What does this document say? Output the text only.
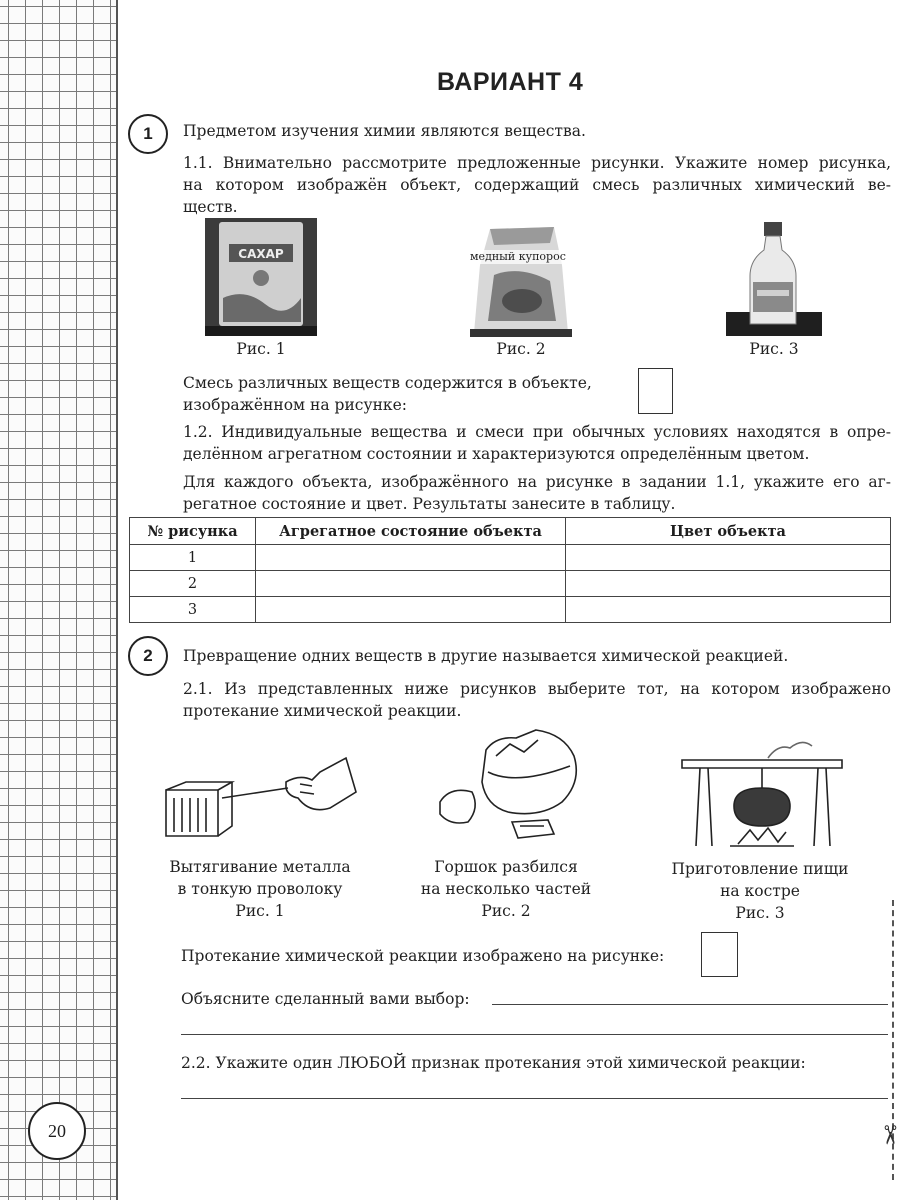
20	✂
ВАРИАНТ 4
1	Предметом изучения химии являются вещества.
1.1. Внимательно рассмотрите предложенные рисунки. Укажите номер рисунка,
на котором изображён объект, содержащий смесь различных химический ве-
ществ.
САХАР
Рис. 1
медный купорос
Рис. 2	Рис. 3
Смесь различных веществ содержится в объекте,
изображённом на рисунке:
1.2. Индивидуальные вещества и смеси при обычных условиях находятся в опре-
делённом агрегатном состоянии и характеризуются определённым цветом.
Для каждого объекта, изображённого на рисунке в задании 1.1, укажите его аг-
регатное состояние и цвет. Результаты занесите в таблицу.
№ рисунка	Агрегатное состояние объекта	Цвет объекта
1		
2		
3		
2	Превращение одних веществ в другие называется химической реакцией.
2.1. Из представленных ниже рисунков выберите тот, на котором изображено
протекание химической реакции.
Вытягивание металла
в тонкую проволоку
Рис. 1
Горшок разбился
на несколько частей
Рис. 2
Приготовление пищи
на костре
Рис. 3
Протекание химической реакции изображено на рисунке:
Объясните сделанный вами выбор:
2.2. Укажите один ЛЮБОЙ признак протекания этой химической реакции:
